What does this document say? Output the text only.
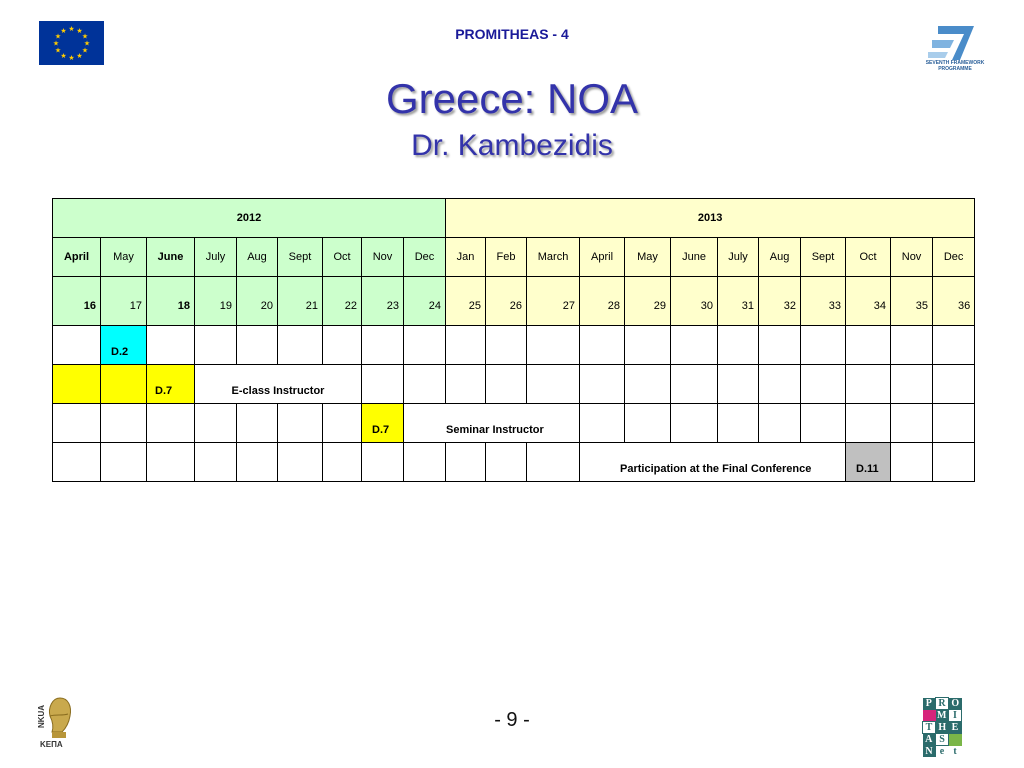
★ ★
★
★
★
★
★
★
★
★
★
★	PROMITHEAS - 4
SEVENTH FRAMEWORK
PROGRAMME
Greece: NOA
Dr. Kambezidis
2012									2013											
April	May	June	July	Aug	Sept	Oct	Nov	Dec	Jan	Feb	March	April	May	June	July	Aug	Sept	Oct	Nov	Dec
16	17	18	19	20	21	22	23	24	25	26	27	28	29	30	31	32	33	34	35	36

	D.2																			

		D.7	E-class Instructor																	

							D.7	Seminar Instructor												

												Participation at the Final Conference						D.11		

NKUA
ΚΕΠΑ
- 9 -
P	R	O
	M	I
T	H	E
A	S	
N	e	t
